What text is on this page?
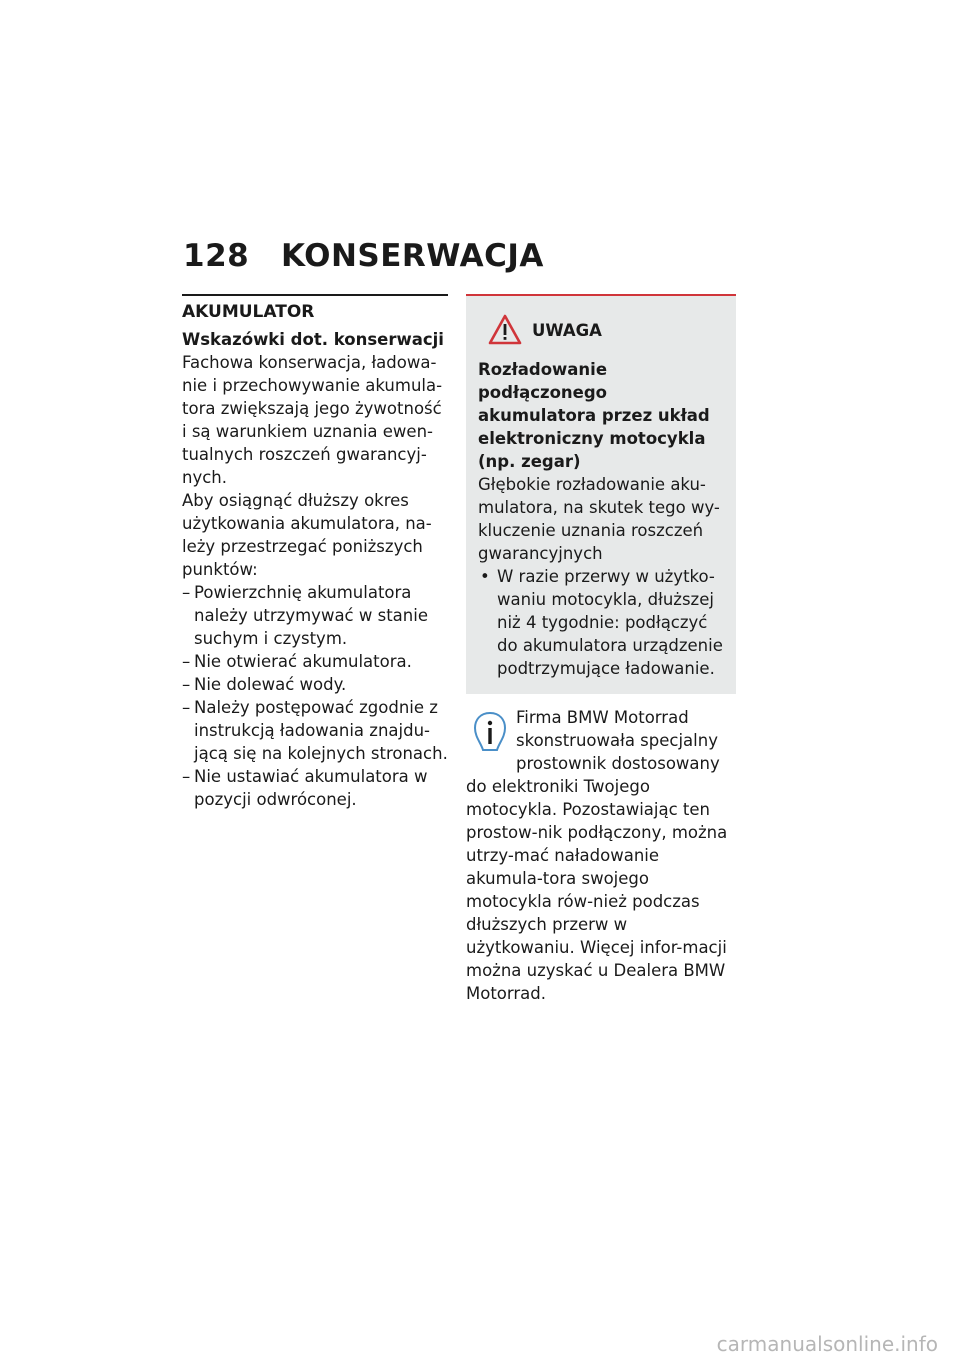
128 KONSERWACJA
AKUMULATOR
Wskazówki dot. konserwacji

Fachowa konserwacja, ładowa-nie i przechowywanie akumula-tora zwiększają jego żywotność i są warunkiem uznania ewen-tualnych roszczeń gwarancyj-nych.

Aby osiągnąć dłuższy okres użytkowania akumulatora, na-leży przestrzegać poniższych punktów:

– Powierzchnię akumulatora należy utrzymywać w stanie suchym i czystym.
– Nie otwierać akumulatora.
– Nie dolewać wody.
– Należy postępować zgodnie z instrukcją ładowania znajdu-jącą się na kolejnych stronach.
– Nie ustawiać akumulatora w pozycji odwróconej.
UWAGA
Rozładowanie podłączonego akumulatora przez układ elektroniczny motocykla (np. zegar)

Głębokie rozładowanie aku-mulatora, na skutek tego wy-kluczenie uznania roszczeń gwarancyjnych

• W razie przerwy w użytko-waniu motocykla, dłuższej niż 4 tygodnie: podłączyć do akumulatora urządzenie podtrzymujące ładowanie.
Firma BMW Motorrad skonstruowała specjalny prostownik dostosowany do elektroniki Twojego motocykla. Pozostawiając ten prostow-nik podłączony, można utrzy-mać naładowanie akumula-tora swojego motocykla rów-nież podczas dłuższych przerw w użytkowaniu. Więcej infor-macji można uzyskać u Dealera BMW Motorrad.
carmanualsonline.info
